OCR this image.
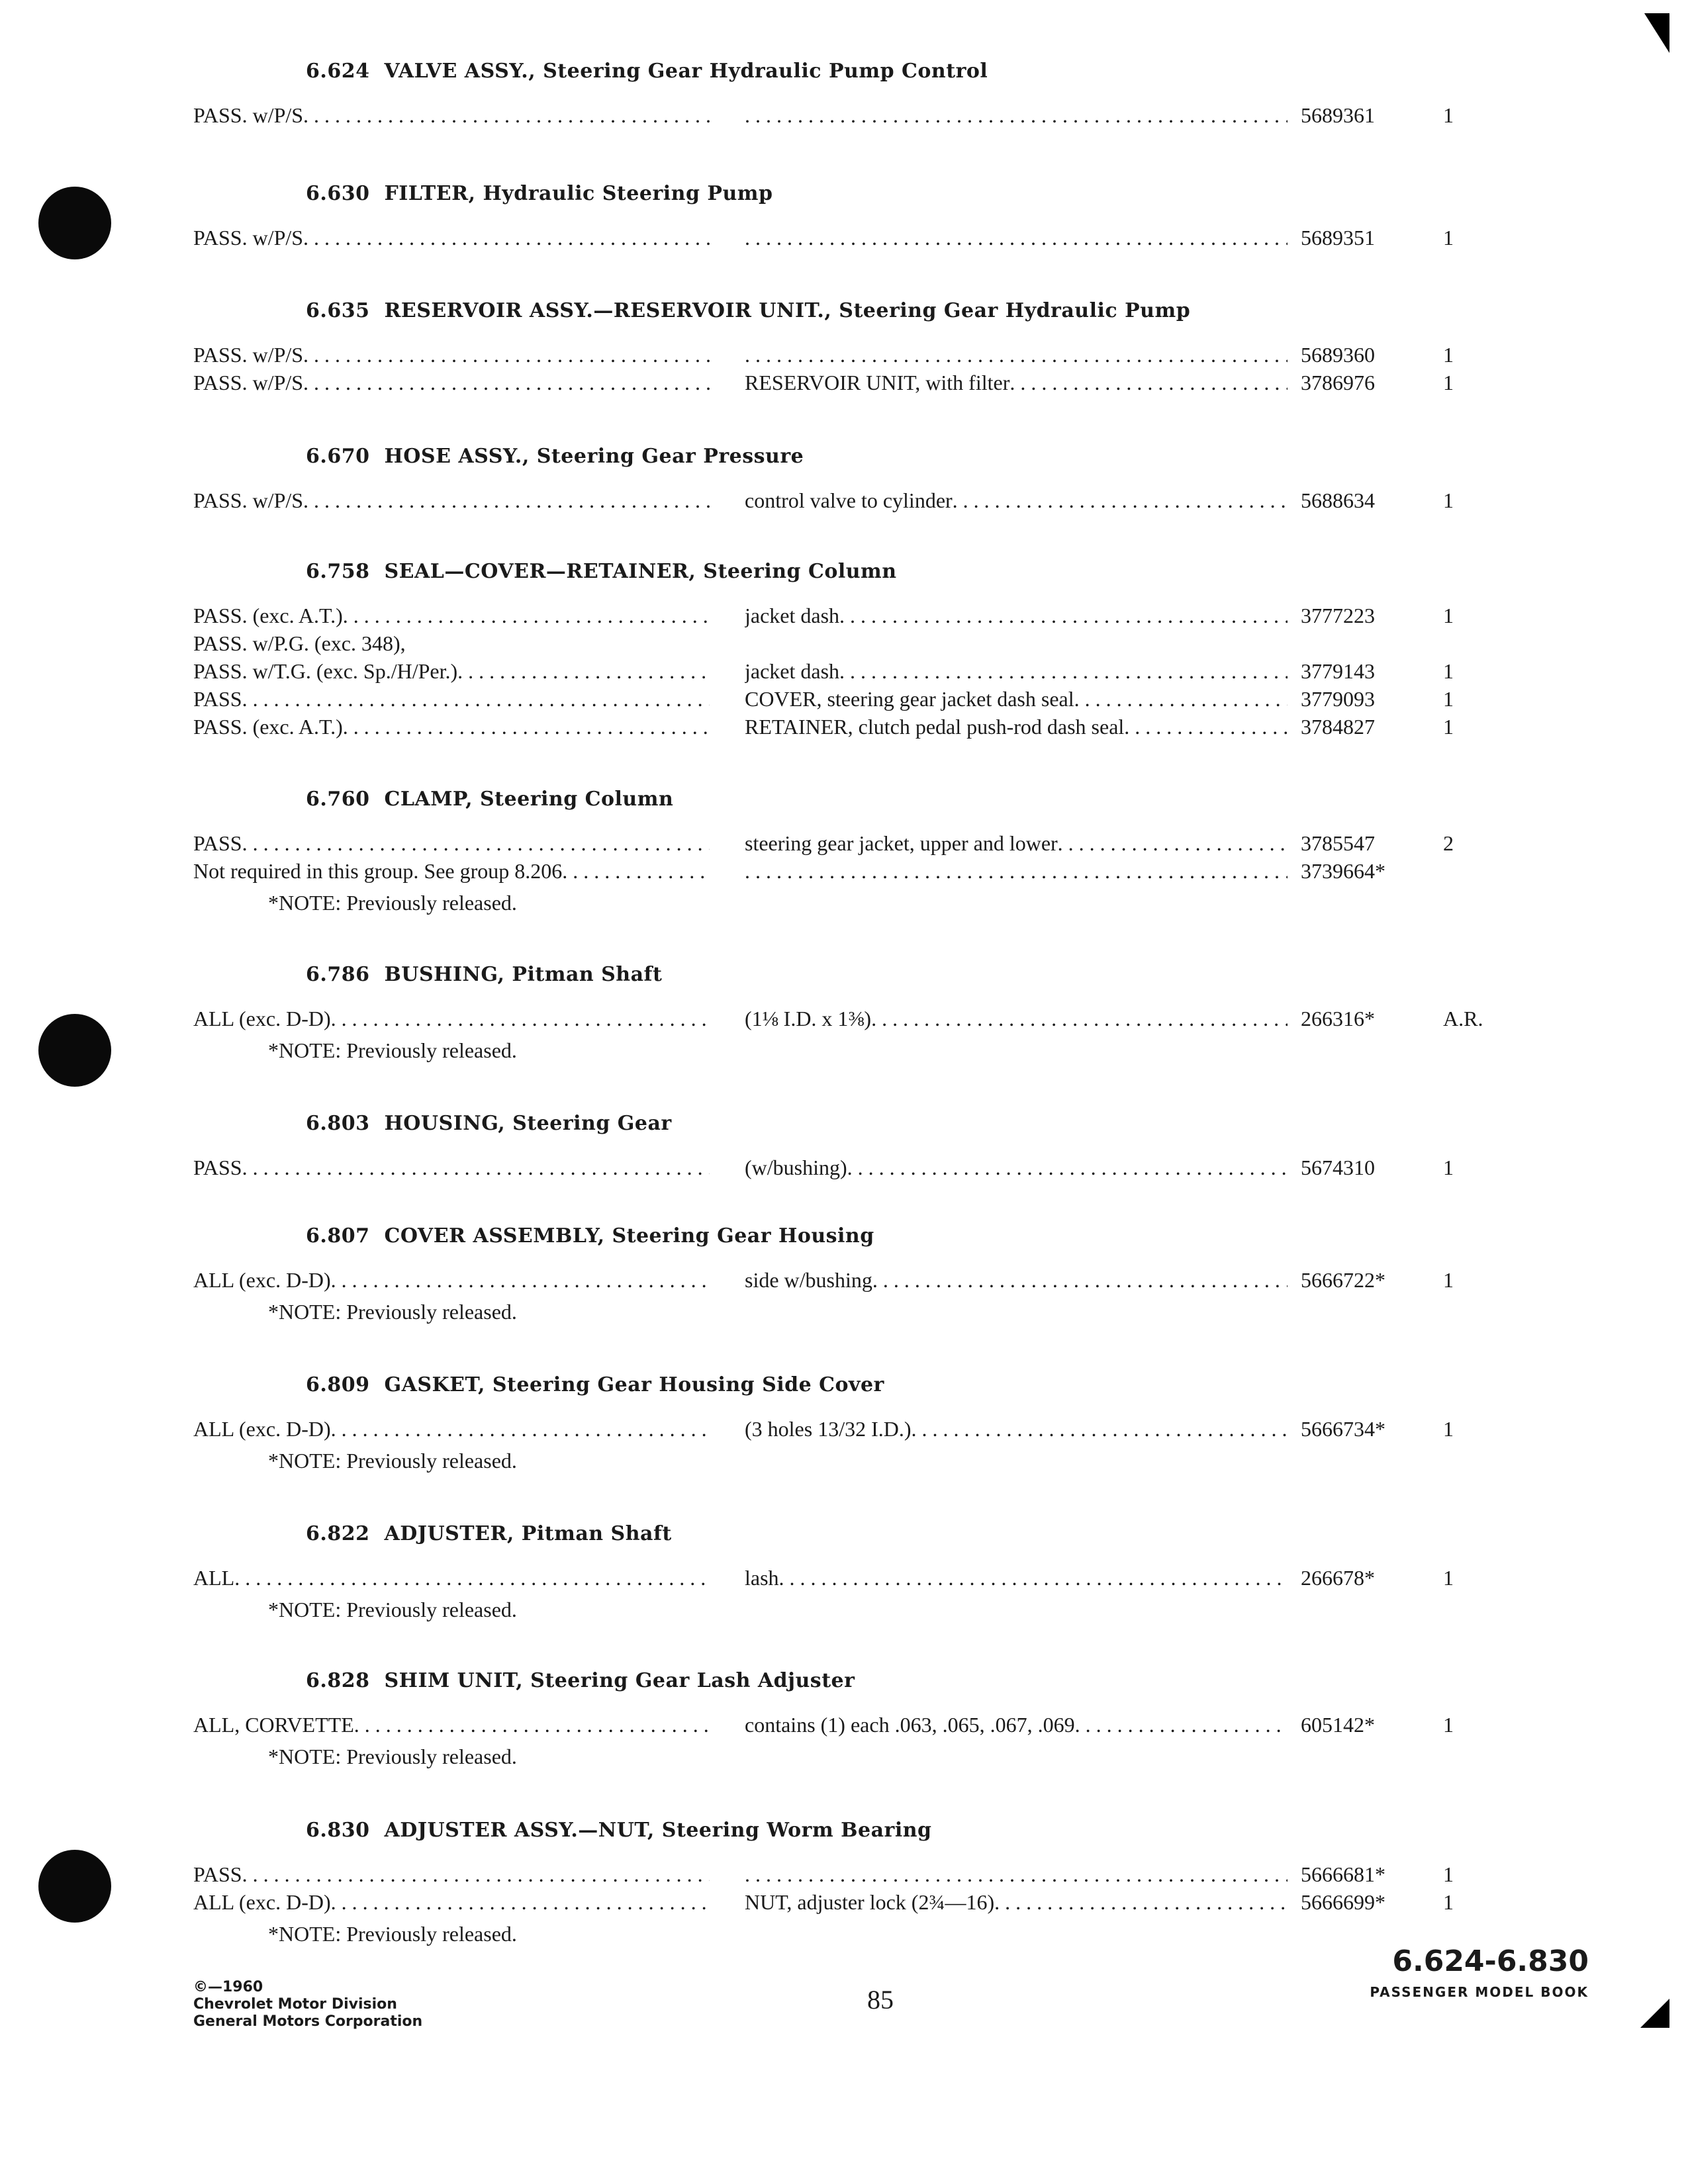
6.624 VALVE ASSY., Steering Gear Hydraulic Pump Control
PASS. w/P/S . . . . . .	5689361	1
6.630 FILTER, Hydraulic Steering Pump
PASS. w/P/S . . . . . .	5689351	1
6.635 RESERVOIR ASSY.—RESERVOIR UNIT., Steering Gear Hydraulic Pump
PASS. w/P/S . . . . . .	5689360	1
PASS. w/P/S . . .	RESERVOIR UNIT, with filter . . .	3786976	1
6.670 HOSE ASSY., Steering Gear Pressure
PASS. w/P/S . . .	control valve to cylinder . . .	5688634	1
6.758 SEAL—COVER—RETAINER, Steering Column
PASS. (exc. A.T.) . . .	jacket dash . . .	3777223	1
PASS. w/P.G. (exc. 348),
PASS. w/T.G. (exc. Sp./H/Per.) . . .	jacket dash . . .	3779143	1
PASS . . .	COVER, steering gear jacket dash seal . . .	3779093	1
PASS. (exc. A.T.) . . .	RETAINER, clutch pedal push-rod dash seal . . .	3784827	1
6.760 CLAMP, Steering Column
PASS . . .	steering gear jacket, upper and lower . . .	3785547	2
Not required in this group. See group 8.206 . . . . . .	3739664*
*NOTE: Previously released.
6.786 BUSHING, Pitman Shaft
ALL (exc. D-D) . . .	(1⅛ I.D. x 1⅜) . . .	266316*	A.R.
*NOTE: Previously released.
6.803 HOUSING, Steering Gear
PASS . . .	(w/bushing) . . .	5674310	1
6.807 COVER ASSEMBLY, Steering Gear Housing
ALL (exc. D-D) . . .	side w/bushing . . .	5666722*	1
*NOTE: Previously released.
6.809 GASKET, Steering Gear Housing Side Cover
ALL (exc. D-D) . . .	(3 holes 13/32 I.D.) . . .	5666734*	1
*NOTE: Previously released.
6.822 ADJUSTER, Pitman Shaft
ALL . . .	lash . . .	266678*	1
*NOTE: Previously released.
6.828 SHIM UNIT, Steering Gear Lash Adjuster
ALL, CORVETTE . . .	contains (1) each .063, .065, .067, .069 . . .	605142*	1
*NOTE: Previously released.
6.830 ADJUSTER ASSY.—NUT, Steering Worm Bearing
PASS . . . . . .	5666681*	1
ALL (exc. D-D) . . .	NUT, adjuster lock (2¾—16) . . .	5666699*	1
*NOTE: Previously released.
©—1960
Chevrolet Motor Division
General Motors Corporation
85
6.624-6.830
PASSENGER MODEL BOOK
